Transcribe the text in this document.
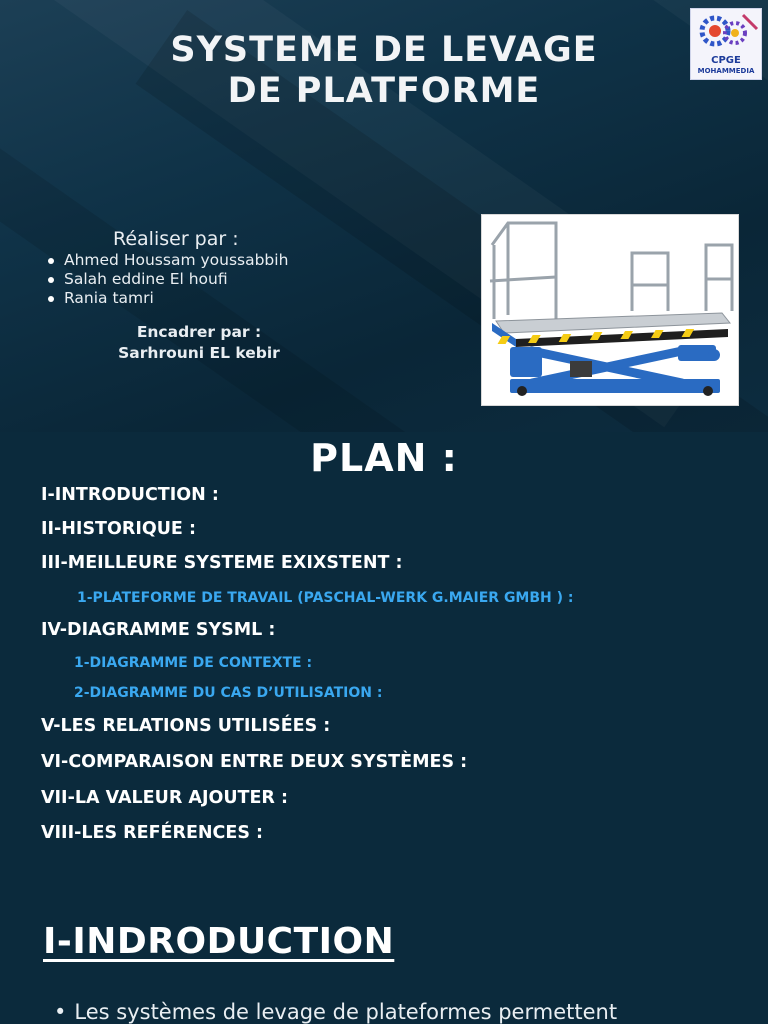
SYSTEME DE LEVAGE
DE PLATFORME
CPGE
MOHAMMEDIA
Réaliser par :
Ahmed Houssam youssabbih
Salah eddine El houfi
Rania tamri
Encadrer par :
Sarhrouni EL kebir
PLAN :
I-INTRODUCTION :
II-HISTORIQUE :
III-MEILLEURE SYSTEME EXIXSTENT :
1-PLATEFORME DE TRAVAIL (PASCHAL-WERK G.MAIER GMBH ) :
IV-DIAGRAMME SYSML :
1-DIAGRAMME DE CONTEXTE :
2-DIAGRAMME DU CAS D’UTILISATION :
V-LES RELATIONS UTILISÉES :
VI-COMPARAISON ENTRE DEUX SYSTÈMES :
VII-LA VALEUR AJOUTER :
VIII-LES REFÉRENCES :
I-INDRODUCTION
• Les systèmes de levage de plateformes permettent
